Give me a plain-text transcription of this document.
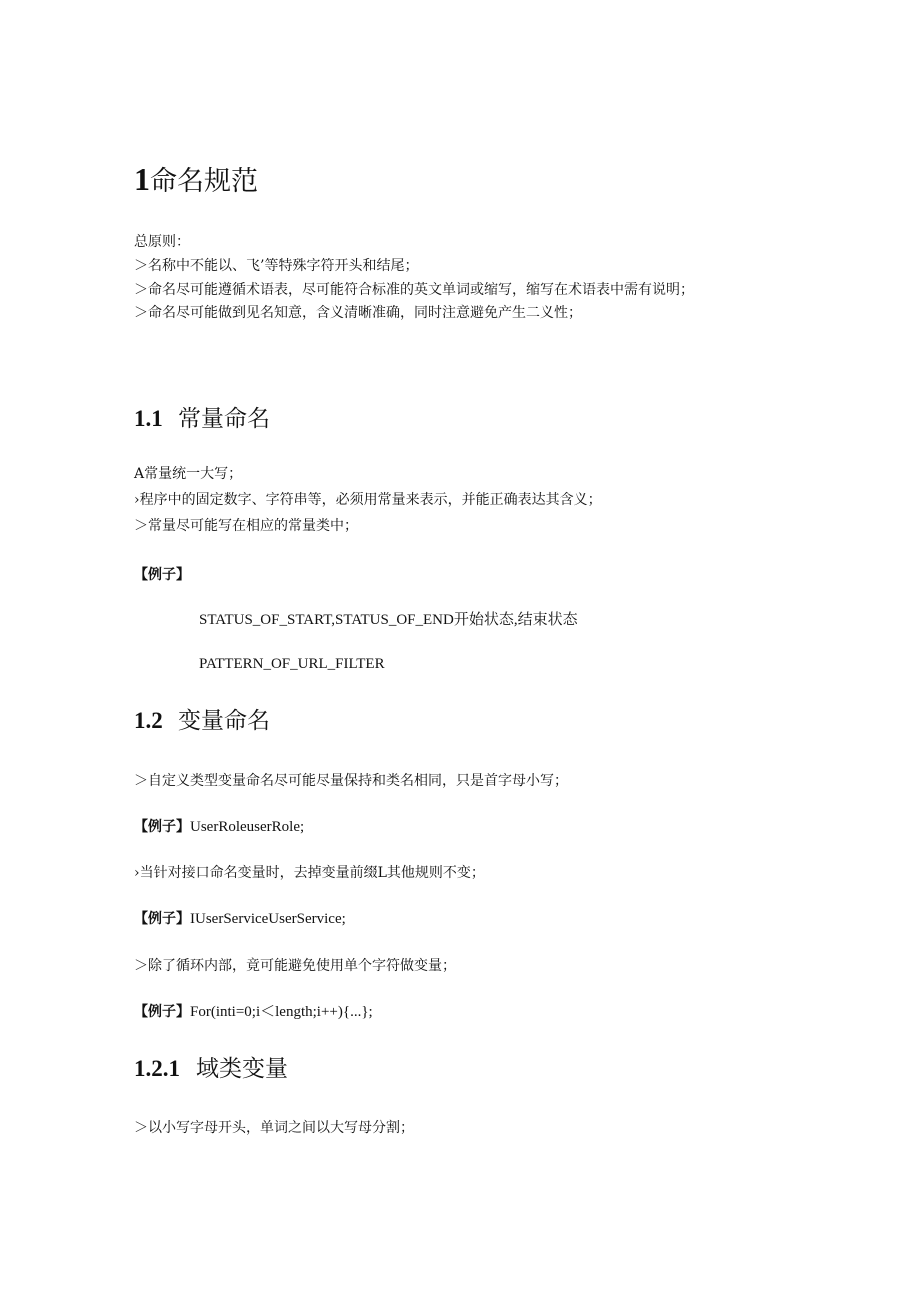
1命名规范
总原则：
＞名称中不能以、飞’等特殊字符开头和结尾；
＞命名尽可能遵循术语表，尽可能符合标准的英文单词或缩写，缩写在术语表中需有说明；
＞命名尽可能做到见名知意，含义清晰准确，同时注意避免产生二义性；
1.1 常量命名
A常量统一大写；
›程序中的固定数字、字符串等，必须用常量来表示，并能正确表达其含义；
＞常量尽可能写在相应的常量类中；
【例子】
STATUS_OF_START,STATUS_OF_END开始状态,结束状态
PATTERN_OF_URL_FILTER
1.2 变量命名
＞自定义类型变量命名尽可能尽量保持和类名相同，只是首字母小写；
【例子】UserRoleuserRole;
›当针对接口命名变量时，去掉变量前缀L其他规则不变；
【例子】IUserServiceUserService;
＞除了循环内部，竟可能避免使用单个字符做变量；
【例子】For(inti=0;i＜length;i++){...};
1.2.1 域类变量
＞以小写字母开头，单词之间以大写母分割；
